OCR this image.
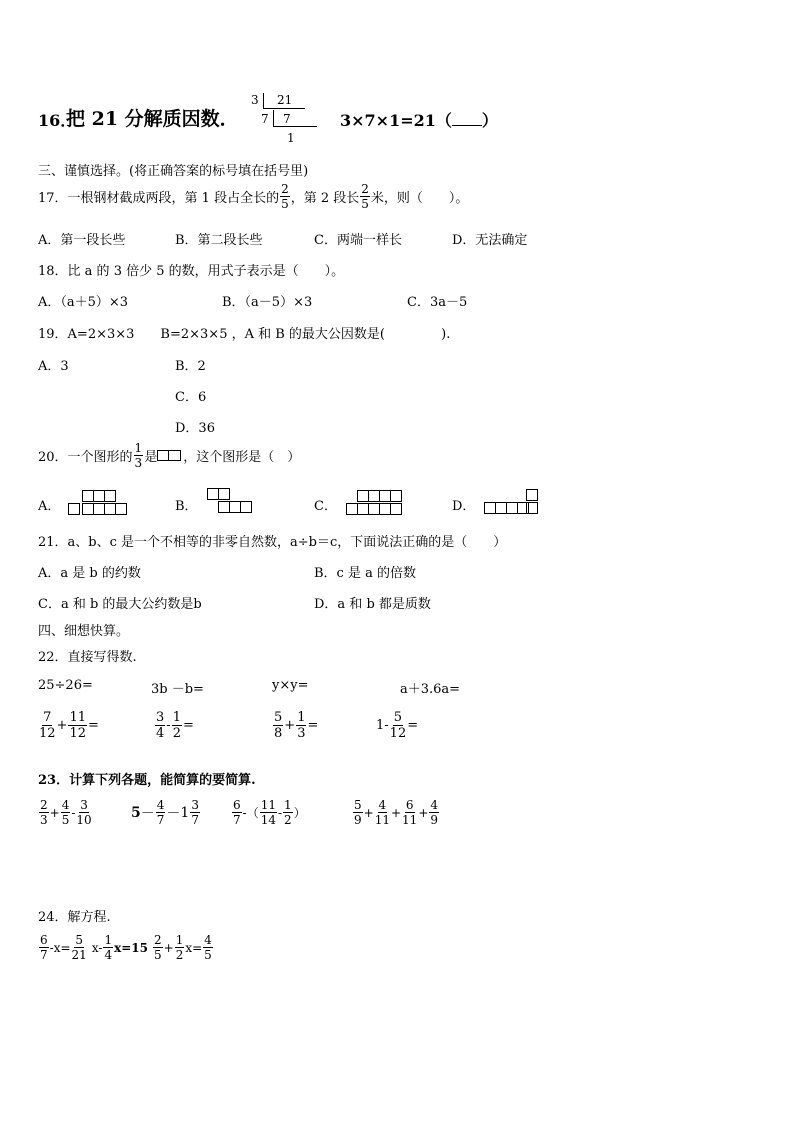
16．
把 21 分解质因数．
3 21
7 7
1
3×7×1=21（ ）
三、谨慎选择。(将正确答案的标号填在括号里)
17．一根钢材截成两段，第 1 段占全长的 $\frac{2}{5}$ ，第 2 段长 $\frac{2}{5}$ 米，则（　　）。
A．第一段长些	B．第二段长些	C．两端一样长	D．无法确定
18．比 a 的 3 倍少 5 的数，用式子表示是（　　）。
A．（a＋5）×3	B．（a－5）×3	C．3a－5
19．A=2×3×3　　B=2×3×5 ，A 和 B 的最大公因数是(　　　　 ).
A．3	B．2
C．6
D．36
20．一个图形的 $\frac{1}{3}$ 是 ，这个图形是（　）
A．	B．	C．	D．
21．a、b、c 是一个不相等的非零自然数，a÷b＝c，下面说法正确的是（　　）
A．a 是 b 的约数	B．c 是 a 的倍数
C．a 和 b 的最大公约数是b	D．a 和 b 都是质数
四、细想快算。
22．直接写得数.
25÷26=	3b －b=	y×y=	a＋3.6a=
$\frac{7}{12} + \frac{11}{12}$ =	$\frac{3}{4} - \frac{1}{2}$ =	$\frac{5}{8} + \frac{1}{3}$ =	$1- \frac{5}{12}$ =
23．计算下列各题，能简算的要简算.
$\frac{2}{3} + \frac{4}{5} - \frac{3}{10}$	$5 - \frac{4}{7} - 1 \frac{3}{7}$	$\frac{6}{7}$ -（ $\frac{11}{14} - \frac{1}{2}$ ）	$\frac{5}{9} + \frac{4}{11} + \frac{6}{11} + \frac{4}{9}$
24．解方程.
$\frac{6}{7} -x= \frac{5}{21} x- \frac{1}{4} x=15 \frac{2}{5} + \frac{1}{2} x= \frac{4}{5}$
